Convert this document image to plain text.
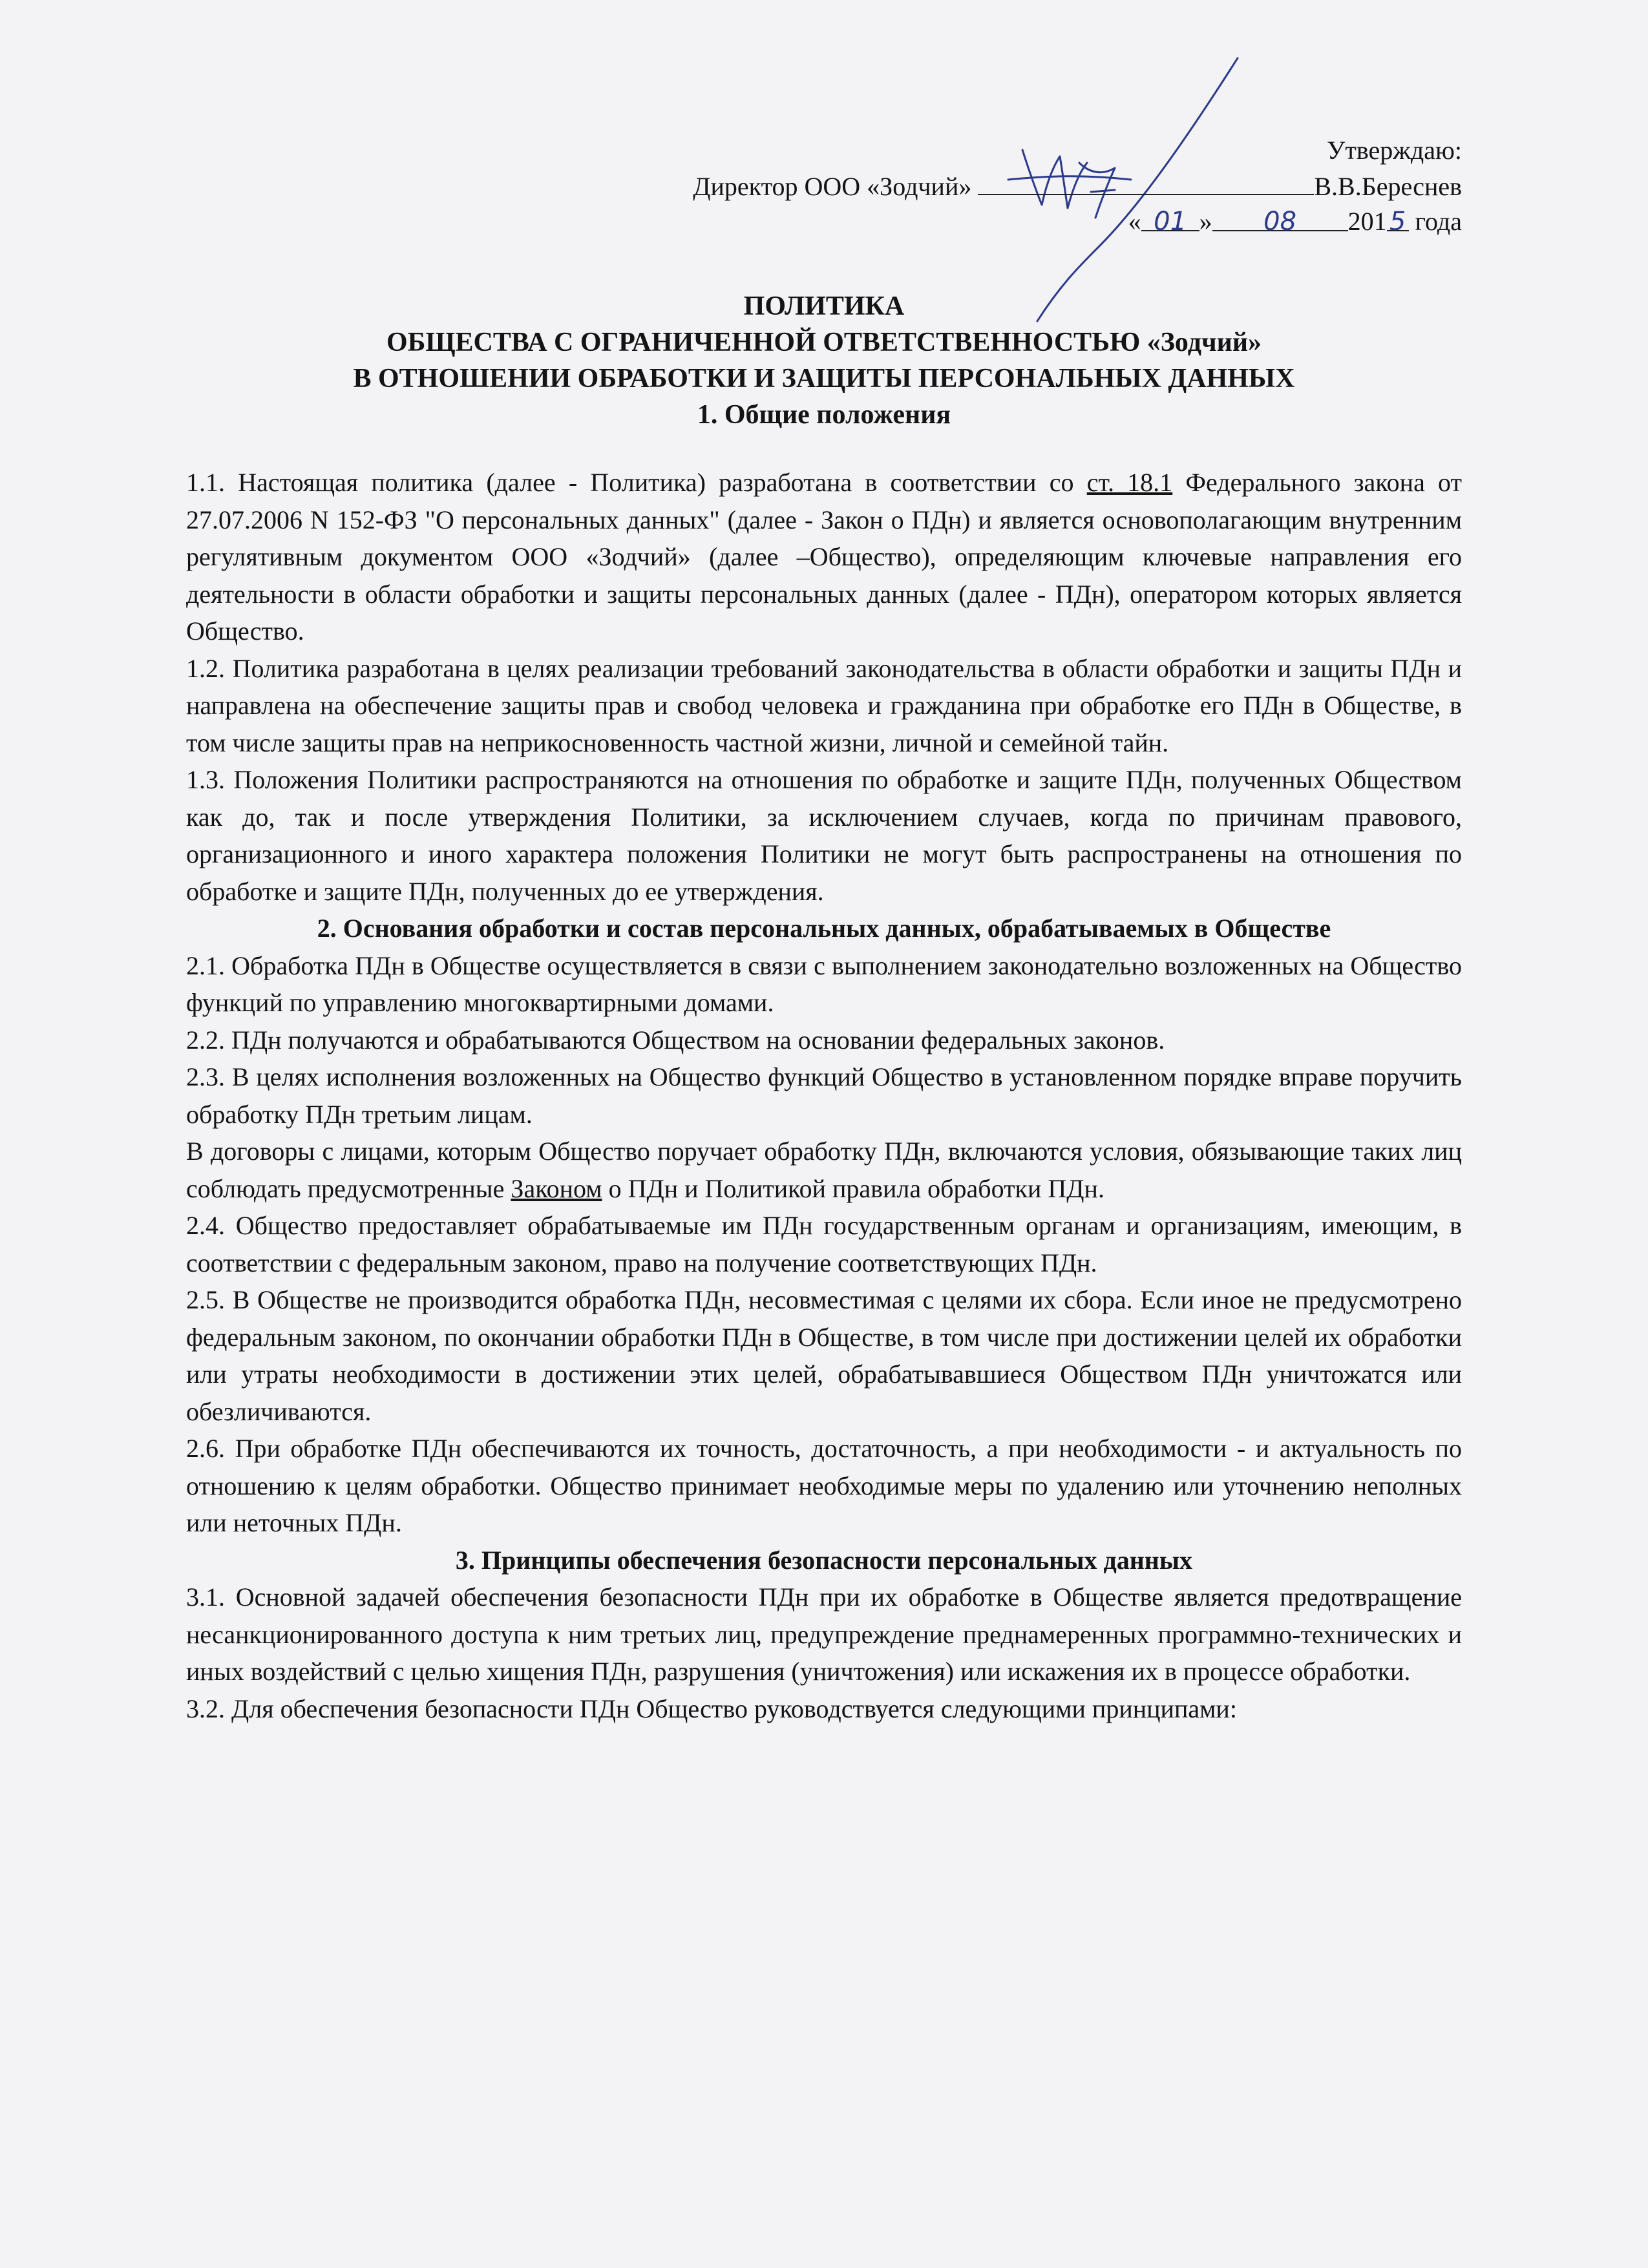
Утверждаю:
Директор ООО «Зодчий»	В.В.Береснев
« 01 » 08 201 5 года
ПОЛИТИКА
ОБЩЕСТВА С ОГРАНИЧЕННОЙ ОТВЕТСТВЕННОСТЬЮ «Зодчий»
В ОТНОШЕНИИ ОБРАБОТКИ И ЗАЩИТЫ ПЕРСОНАЛЬНЫХ ДАННЫХ
1. Общие положения

1.1. Настоящая политика (далее - Политика) разработана в соответствии со ст. 18.1 Федерального закона от 27.07.2006 N 152-ФЗ "О персональных данных" (далее - Закон о ПДн) и является основополагающим внутренним регулятивным документом ООО «Зодчий» (далее –Общество), определяющим ключевые направления его деятельности в области обработки и защиты персональных данных (далее - ПДн), оператором которых является Общество.

1.2. Политика разработана в целях реализации требований законодательства в области обработки и защиты ПДн и направлена на обеспечение защиты прав и свобод человека и гражданина при обработке его ПДн в Обществе, в том числе защиты прав на неприкосновенность частной жизни, личной и семейной тайн.

1.3. Положения Политики распространяются на отношения по обработке и защите ПДн, полученных Обществом как до, так и после утверждения Политики, за исключением случаев, когда по причинам правового, организационного и иного характера положения Политики не могут быть распространены на отношения по обработке и защите ПДн, полученных до ее утверждения.

2. Основания обработки и состав персональных данных, обрабатываемых в Обществе

2.1. Обработка ПДн в Обществе осуществляется в связи с выполнением законодательно возложенных на Общество функций по управлению многоквартирными домами.

2.2. ПДн получаются и обрабатываются Обществом на основании федеральных законов.

2.3. В целях исполнения возложенных на Общество функций Общество в установленном порядке вправе поручить обработку ПДн третьим лицам.

В договоры с лицами, которым Общество поручает обработку ПДн, включаются условия, обязывающие таких лиц соблюдать предусмотренные Законом о ПДн и Политикой правила обработки ПДн.

2.4. Общество предоставляет обрабатываемые им ПДн государственным органам и организациям, имеющим, в соответствии с федеральным законом, право на получение соответствующих ПДн.

2.5. В Обществе не производится обработка ПДн, несовместимая с целями их сбора. Если иное не предусмотрено федеральным законом, по окончании обработки ПДн в Обществе, в том числе при достижении целей их обработки или утраты необходимости в достижении этих целей, обрабатывавшиеся Обществом ПДн уничтожатся или обезличиваются.

2.6. При обработке ПДн обеспечиваются их точность, достаточность, а при необходимости - и актуальность по отношению к целям обработки. Общество принимает необходимые меры по удалению или уточнению неполных или неточных ПДн.

3. Принципы обеспечения безопасности персональных данных

3.1. Основной задачей обеспечения безопасности ПДн при их обработке в Обществе является предотвращение несанкционированного доступа к ним третьих лиц, предупреждение преднамеренных программно-технических и иных воздействий с целью хищения ПДн, разрушения (уничтожения) или искажения их в процессе обработки.

3.2. Для обеспечения безопасности ПДн Общество руководствуется следующими принципами:
